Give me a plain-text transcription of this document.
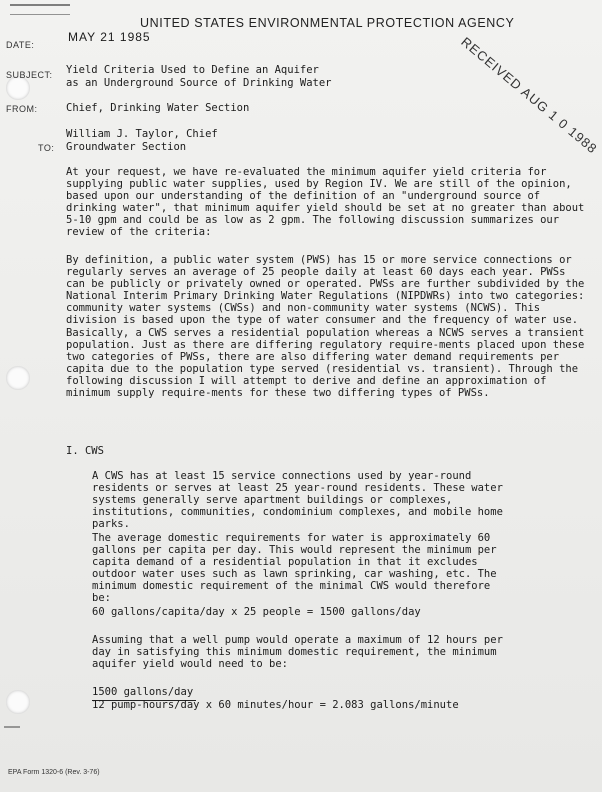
UNITED STATES ENVIRONMENTAL PROTECTION AGENCY
DATE:
MAY 21 1985	RECEIVED AUG 1 0 1988
SUBJECT: Yield Criteria Used to Define an Aquifer
as an Underground Source of Drinking Water
FROM:	Chief, Drinking Water Section
William J. Taylor, Chief
TO: Groundwater Section
At your request, we have re-evaluated the minimum aquifer yield criteria for supplying public water supplies, used by Region IV. We are still of the opinion, based upon our understanding of the definition of an "underground source of drinking water", that minimum aquifer yield should be set at no greater than about 5-10 gpm and could be as low as 2 gpm. The following discussion summarizes our review of the criteria:
By definition, a public water system (PWS) has 15 or more service connections or regularly serves an average of 25 people daily at least 60 days each year. PWSs can be publicly or privately owned or operated. PWSs are further subdivided by the National Interim Primary Drinking Water Regulations (NIPDWRs) into two categories: community water systems (CWSs) and non-community water systems (NCWS). This division is based upon the type of water consumer and the frequency of water use. Basically, a CWS serves a residential population whereas a NCWS serves a transient population. Just as there are differing regulatory require-ments placed upon these two categories of PWSs, there are also differing water demand requirements per capita due to the population type served (residential vs. transient). Through the following discussion I will attempt to derive and define an approximation of minimum supply require-ments for these two differing types of PWSs.
I. CWS
A CWS has at least 15 service connections used by year-round residents or serves at least 25 year-round residents. These water systems generally serve apartment buildings or complexes, institutions, communities, condominium complexes, and mobile home parks.
The average domestic requirements for water is approximately 60 gallons per capita per day. This would represent the minimum per capita demand of a residential population in that it excludes outdoor water uses such as lawn sprinking, car washing, etc. The minimum domestic requirement of the minimal CWS would therefore be:
60 gallons/capita/day x 25 people = 1500 gallons/day
Assuming that a well pump would operate a maximum of 12 hours per day in satisfying this minimum domestic requirement, the minimum aquifer yield would need to be:
1500 gallons/day
12 pump-hours/day x 60 minutes/hour = 2.083 gallons/minute
EPA Form 1320-6 (Rev. 3-76)
